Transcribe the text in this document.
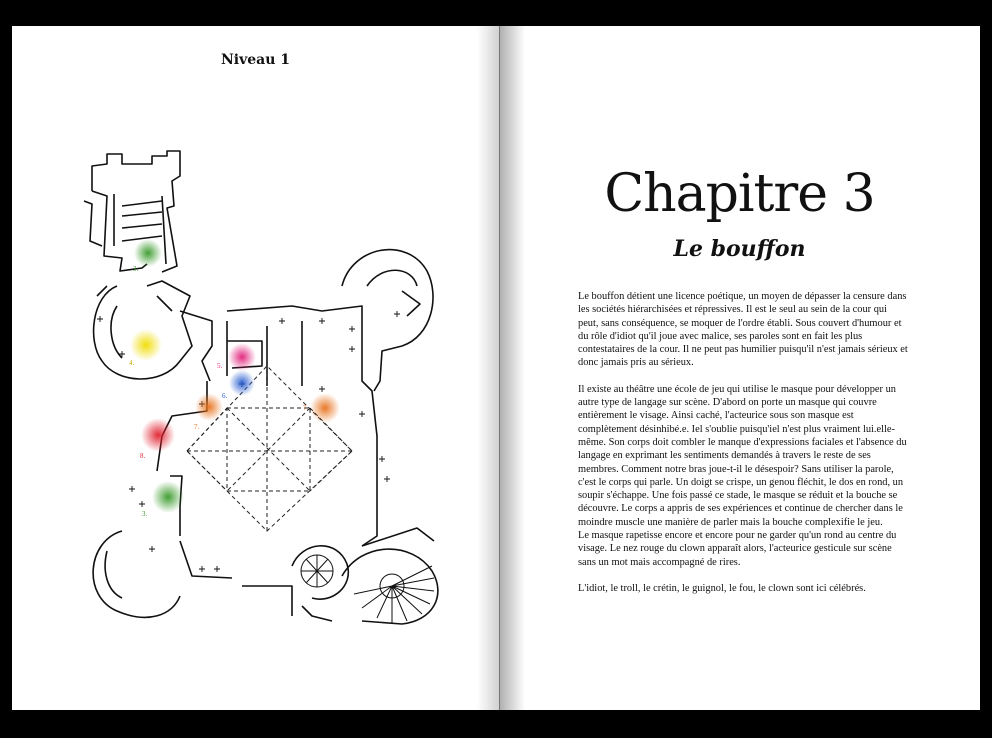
Niveau 1
3.
4.	5.
6.
7.
7.
8.
3.
Chapitre 3
Le bouffon

Le bouffon détient une licence poétique, un moyen de dépasser la censure dans les sociétés hiérarchisées et répressives. Il est le seul au sein de la cour qui peut, sans conséquence, se moquer de l'ordre établi. Sous couvert d'humour et du rôle d'idiot qu'il joue avec malice, ses paroles sont en fait les plus contestataires de la cour. Il ne peut pas humilier puisqu'il n'est jamais sérieux et donc jamais pris au sérieux.

Il existe au théâtre une école de jeu qui utilise le masque pour développer un autre type de langage sur scène. D'abord on porte un masque qui couvre entièrement le visage. Ainsi caché, l'acteurice sous son masque est complètement désinhibé.e. Iel s'oublie puisqu'iel n'est plus vraiment lui.elle-même. Son corps doit combler le manque d'expressions faciales et l'absence du langage en exprimant les sentiments demandés à travers le reste de ses membres. Comment notre bras joue-t-il le désespoir? Sans utiliser la parole, c'est le corps qui parle. Un doigt se crispe, un genou fléchit, le dos en rond, un soupir s'échappe. Une fois passé ce stade, le masque se réduit et la bouche se découvre. Le corps a appris de ses expériences et continue de chercher dans le moindre muscle une manière de parler mais la bouche complexifie le jeu.

Le masque rapetisse encore et encore pour ne garder qu'un rond au centre du visage. Le nez rouge du clown apparaît alors, l'acteurice gesticule sur scène sans un mot mais accompagné de rires.

L'idiot, le troll, le crétin, le guignol, le fou, le clown sont ici célébrés.
